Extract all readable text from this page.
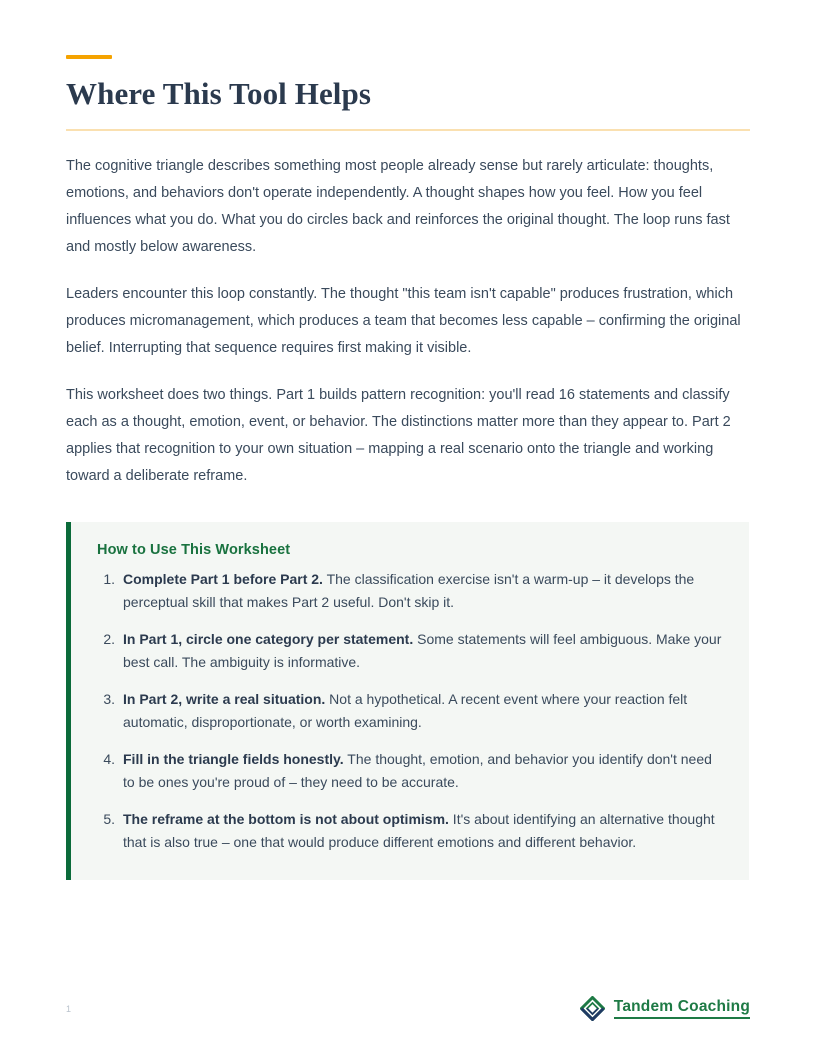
Where This Tool Helps

The cognitive triangle describes something most people already sense but rarely articulate: thoughts, emotions, and behaviors don't operate independently. A thought shapes how you feel. How you feel influences what you do. What you do circles back and reinforces the original thought. The loop runs fast and mostly below awareness.

Leaders encounter this loop constantly. The thought "this team isn't capable" produces frustration, which produces micromanagement, which produces a team that becomes less capable – confirming the original belief. Interrupting that sequence requires first making it visible.

This worksheet does two things. Part 1 builds pattern recognition: you'll read 16 statements and classify each as a thought, emotion, event, or behavior. The distinctions matter more than they appear to. Part 2 applies that recognition to your own situation – mapping a real scenario onto the triangle and working toward a deliberate reframe.

How to Use This Worksheet
Complete Part 1 before Part 2. The classification exercise isn't a warm-up – it develops the perceptual skill that makes Part 2 useful. Don't skip it.
In Part 1, circle one category per statement. Some statements will feel ambiguous. Make your best call. The ambiguity is informative.
In Part 2, write a real situation. Not a hypothetical. A recent event where your reaction felt automatic, disproportionate, or worth examining.
Fill in the triangle fields honestly. The thought, emotion, and behavior you identify don't need to be ones you're proud of – they need to be accurate.
The reframe at the bottom is not about optimism. It's about identifying an alternative thought that is also true – one that would produce different emotions and different behavior.
1	Tandem Coaching
